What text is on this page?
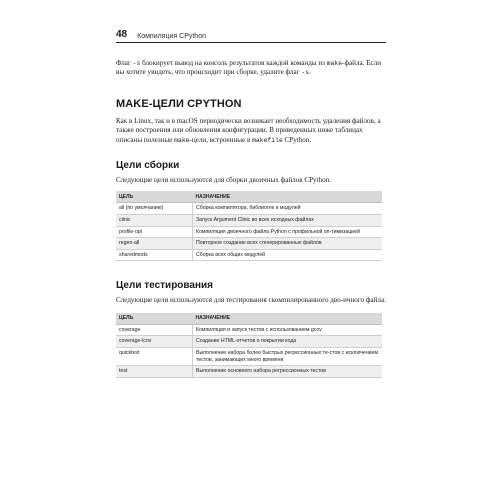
48 Компиляция CPython

Флаг -s блокирует вывод на консоль результатов каждой команды из make-файла. Если вы хотите увидеть, что происходит при сборке, удалите флаг -s.

MAKE-ЦЕЛИ CPYTHON

Как в Linux, так и в macOS периодически возникает необходимость удаления файлов, а также построения или обновления конфигурации. В приведенных ниже таблицах описаны полезные make-цели, встроенные в makefile CPython.

Цели сборки

Следующие цели используются для сборки двоичных файлов CPython.

ЦЕЛЬ	НАЗНАЧЕНИЕ
all (по умолчанию)	Сборка компилятора, библиотек и модулей
clinic	Запуск Argument Clinic во всех исходных файлах
profile-opt	Компиляция двоичного файла Python с профильной оп-тимизацией
regen-all	Повторное создание всех сгенерированных файлов
sharedmods	Сборка всех общих модулей
Цели тестирования

Следующие цели используются для тестирования скомпилированного дво-ичного файла.

ЦЕЛЬ	НАЗНАЧЕНИЕ
coverage	Компиляция и запуск тестов с использованием gcov
coverage-lcov	Создание HTML-отчетов о покрытии кода
quicktest	Выполнение набора более быстрых регрессионных те-стов с исключением тестов, занимающих много времени
test	Выполнение основного набора регрессионных тестов
